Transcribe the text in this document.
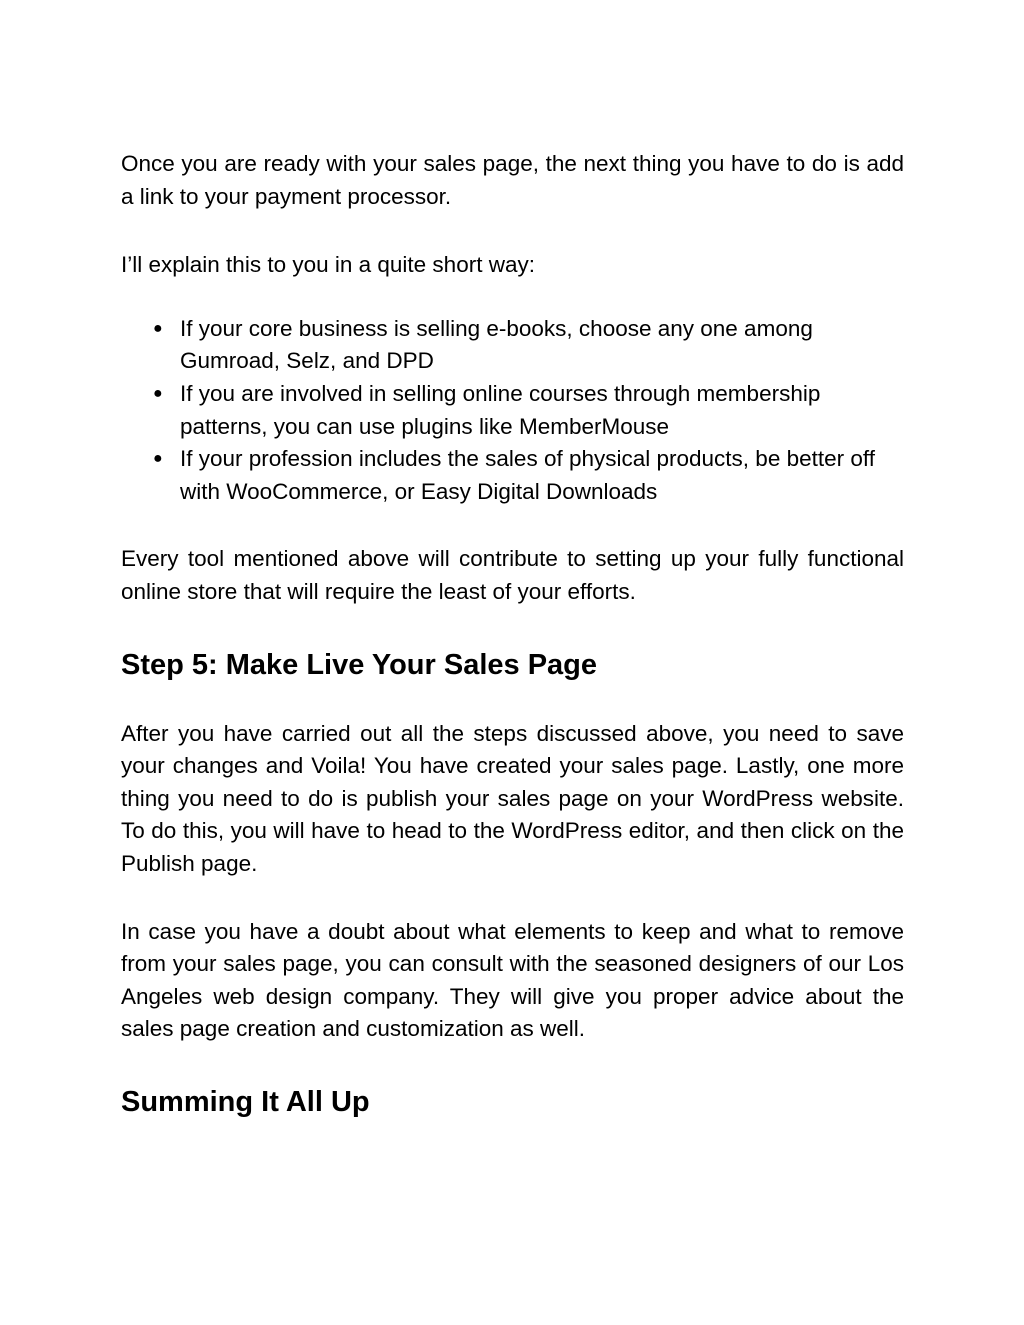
Once you are ready with your sales page, the next thing you have to do is add a link to your payment processor.

I’ll explain this to you in a quite short way:

● If your core business is selling e-books, choose any one among Gumroad, Selz, and DPD
● If you are involved in selling online courses through membership patterns, you can use plugins like MemberMouse
● If your profession includes the sales of physical products, be better off with WooCommerce, or Easy Digital Downloads

Every tool mentioned above will contribute to setting up your fully functional online store that will require the least of your efforts.

Step 5: Make Live Your Sales Page

After you have carried out all the steps discussed above, you need to save your changes and Voila! You have created your sales page. Lastly, one more thing you need to do is publish your sales page on your WordPress website. To do this, you will have to head to the WordPress editor, and then click on the Publish page.

In case you have a doubt about what elements to keep and what to remove from your sales page, you can consult with the seasoned designers of our Los Angeles web design company. They will give you proper advice about the sales page creation and customization as well.

Summing It All Up
